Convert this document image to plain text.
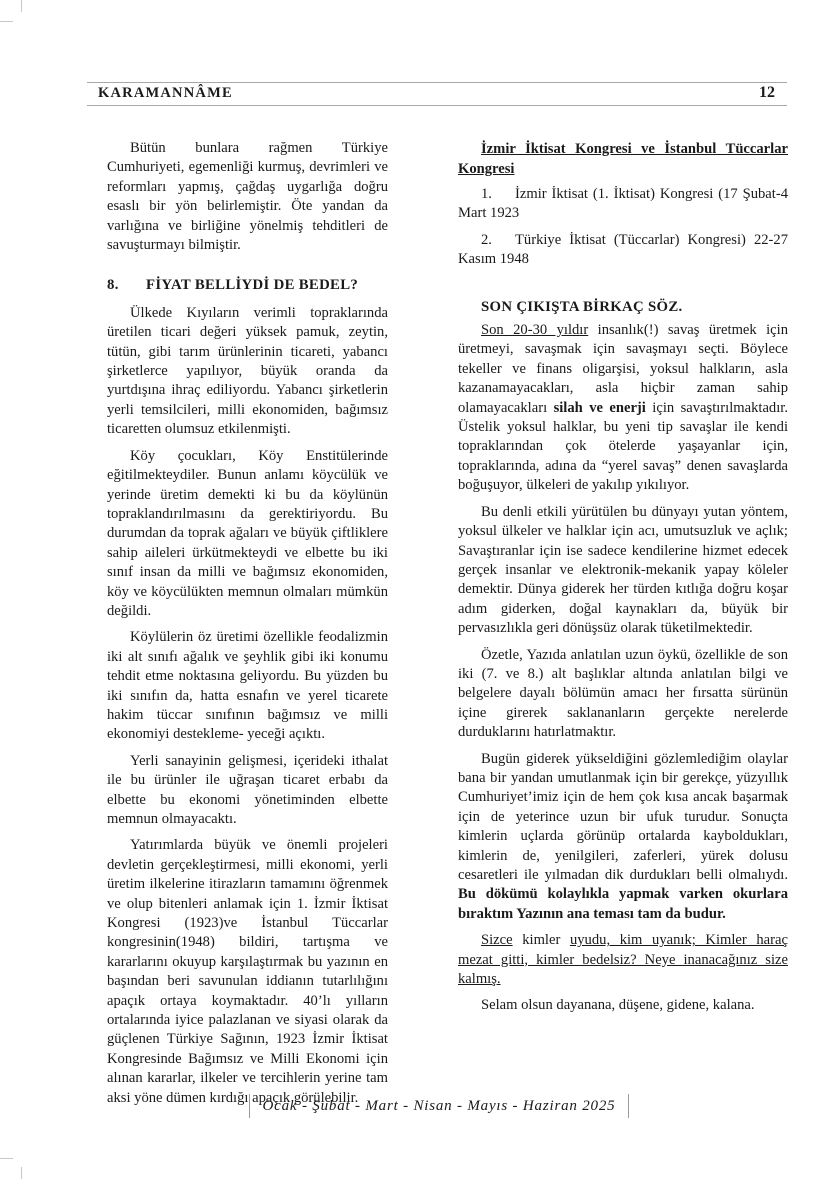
KARAMANNÂME	12

Bütün bunlara rağmen Türkiye Cumhuriyeti, egemenliği kurmuş, devrimleri ve reformları yapmış, çağdaş uygarlığa doğru esaslı bir yön belirlemiştir. Öte yandan da varlığına ve birliğine yönelmiş tehditleri de savuşturmayı bilmiştir.

8. FİYAT BELLİYDİ DE BEDEL?

Ülkede Kıyıların verimli topraklarında üretilen ticari değeri yüksek pamuk, zeytin, tütün, gibi tarım ürünlerinin ticareti, yabancı şirketlerce yapılıyor, büyük oranda da yurtdışına ihraç ediliyordu. Yabancı şirketlerin yerli temsilcileri, milli ekonomiden, bağımsız ticaretten olumsuz etkilenmişti.

Köy çocukları, Köy Enstitülerinde eğitilmekteydiler. Bunun anlamı köycülük ve yerinde üretim demekti ki bu da köylünün topraklandırılmasını da gerektiriyordu. Bu durumdan da toprak ağaları ve büyük çiftliklere sahip aileleri ürkütmekteydi ve elbette bu iki sınıf insan da milli ve bağımsız ekonomiden, köy ve köycülükten memnun olmaları mümkün değildi.

Köylülerin öz üretimi özellikle feodalizmin iki alt sınıfı ağalık ve şeyhlik gibi iki konumu tehdit etme noktasına geliyordu. Bu yüzden bu iki sınıfın da, hatta esnafın ve yerel ticarete hakim tüccar sınıfının bağımsız ve milli ekonomiyi destekleme- yeceği açıktı.

Yerli sanayinin gelişmesi, içerideki ithalat ile bu ürünler ile uğraşan ticaret erbabı da elbette bu ekonomi yönetiminden elbette memnun olmayacaktı.

Yatırımlarda büyük ve önemli projeleri devletin gerçekleştirmesi, milli ekonomi, yerli üretim ilkelerine itirazların tamamını öğrenmek ve olup bitenleri anlamak için 1. İzmir İktisat Kongresi (1923)ve İstanbul Tüccarlar kongresinin(1948) bildiri, tartışma ve kararlarını okuyup karşılaştırmak bu yazının en başından beri savunulan iddianın tutarlılığını apaçık ortaya koymaktadır. 40’lı yılların ortalarında iyice palazlanan ve siyasi olarak da güçlenen Türkiye Sağının, 1923 İzmir İktisat Kongresinde Bağımsız ve Milli Ekonomi için alınan kararlar, ilkeler ve tercihlerin yerine tam aksi yöne dümen kırdığı apaçık görülebilir.

İzmir İktisat Kongresi ve İstanbul Tüccarlar Kongresi

1. İzmir İktisat (1. İktisat) Kongresi (17 Şubat-4 Mart 1923

2. Türkiye İktisat (Tüccarlar) Kongresi) 22-27 Kasım 1948

SON ÇIKIŞTA BİRKAÇ SÖZ.

Son 20-30 yıldır insanlık(!) savaş üretmek için üretmeyi, savaşmak için savaşmayı seçti. Böylece tekeller ve finans oligarşisi, yoksul halkların, asla kazanamayacakları, asla hiçbir zaman sahip olamayacakları silah ve enerji için savaştırılmaktadır. Üstelik yoksul halklar, bu yeni tip savaşlar ile kendi topraklarından çok ötelerde yaşayanlar için, topraklarında, adına da “yerel savaş” denen savaşlarda boğuşuyor, ülkeleri de yakılıp yıkılıyor.

Bu denli etkili yürütülen bu dünyayı yutan yöntem, yoksul ülkeler ve halklar için acı, umutsuzluk ve açlık; Savaştıranlar için ise sadece kendilerine hizmet edecek gerçek insanlar ve elektronik-mekanik yapay köleler demektir. Dünya giderek her türden kıtlığa doğru koşar adım giderken, doğal kaynakları da, büyük bir pervasızlıkla geri dönüşsüz olarak tüketilmektedir.

Özetle, Yazıda anlatılan uzun öykü, özellikle de son iki (7. ve 8.) alt başlıklar altında anlatılan bilgi ve belgelere dayalı bölümün amacı her fırsatta sürünün içine girerek saklananların gerçekte nerelerde durduklarını hatırlatmaktır.

Bugün giderek yükseldiğini gözlemlediğim olaylar bana bir yandan umutlanmak için bir gerekçe, yüzyıllık Cumhuriyet’imiz için de hem çok kısa ancak başarmak için de yeterince uzun bir ufuk turudur. Sonuçta kimlerin uçlarda görünüp ortalarda kayboldukları, kimlerin de, yenilgileri, zaferleri, yürek dolusu cesaretleri ile yılmadan dik durdukları belli olmalıydı. Bu dökümü kolaylıkla yapmak varken okurlara bıraktım Yazının ana teması tam da budur.

Sizce kimler uyudu, kim uyanık; Kimler haraç mezat gitti, kimler bedelsiz? Neye inanacağınız size kalmış.

Selam olsun dayanana, düşene, gidene, kalana.

Ocak - Şubat - Mart - Nisan - Mayıs - Haziran 2025
